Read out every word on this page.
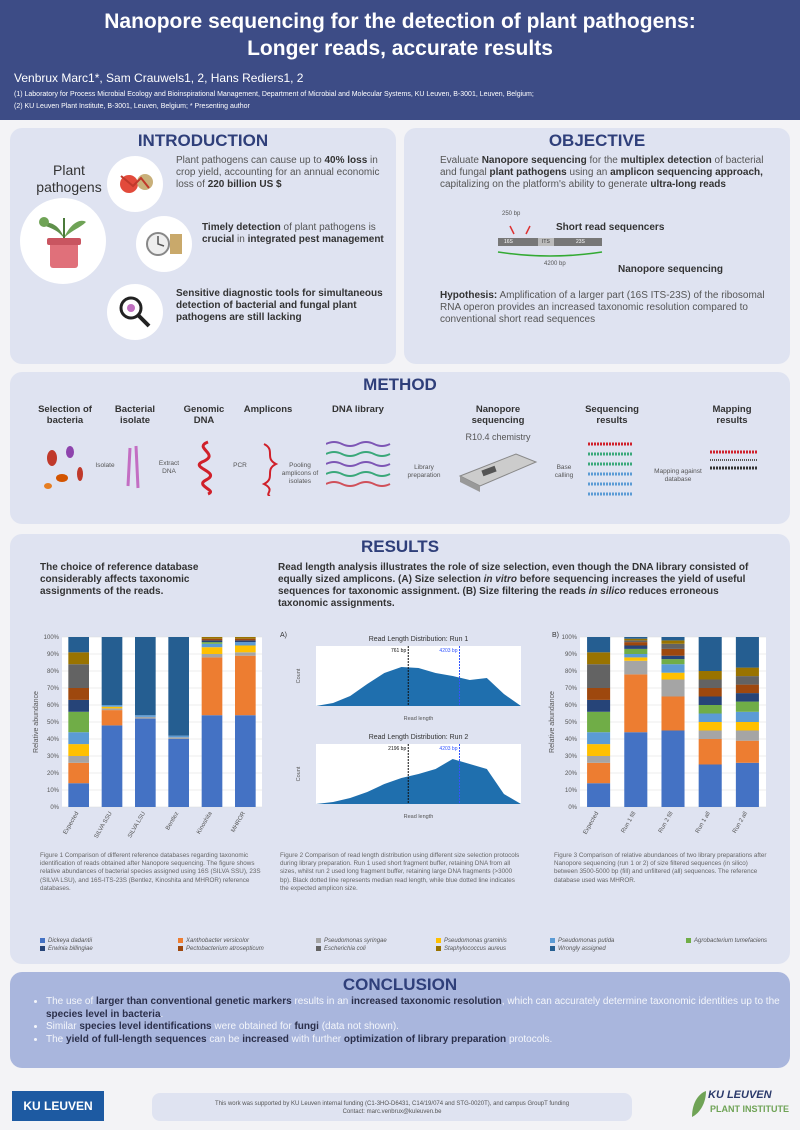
Nanopore sequencing for the detection of plant pathogens:
Longer reads, accurate results
Venbrux Marc1*, Sam Crauwels1, 2, Hans Rediers1, 2
(1) Laboratory for Process Microbial Ecology and Bioinspirational Management, Department of Microbial and Molecular Systems, KU Leuven, B-3001, Leuven, Belgium;
(2) KU Leuven Plant Institute, B-3001, Leuven, Belgium; * Presenting author
INTRODUCTION
Plant pathogens
Plant pathogens can cause up to 40% loss in crop yield, accounting for an annual economic loss of 220 billion US $
Timely detection of plant pathogens is crucial in integrated pest management
Sensitive diagnostic tools for simultaneous detection of bacterial and fungal plant pathogens are still lacking
OBJECTIVE
Evaluate Nanopore sequencing for the multiplex detection of bacterial and fungal plant pathogens using an amplicon sequencing approach, capitalizing on the platform's ability to generate ultra-long reads
250 bp
Short read sequencers
16S	ITS	23S
4200 bp	Nanopore sequencing
Hypothesis: Amplification of a larger part (16S ITS-23S) of the ribosomal RNA operon provides an increased taxonomic resolution compared to conventional short read sequences
METHOD
Selection of bacteria
Bacterial isolate
Genomic DNA
Amplicons	DNA library	Nanopore sequencing
R10.4 chemistry
Sequencing results
Mapping results
Isolate	Extract DNA
PCR	Pooling amplicons of isolates
Library preparation
Base calling
Mapping against database
RESULTS
The choice of reference database considerably affects taxonomic assignments of the reads.
Read length analysis illustrates the role of size selection, even though the DNA library consisted of equally sized amplicons. (A) Size selection in vitro before sequencing increases the yield of useful sequences for taxonomic assignment. (B) Size filtering the reads in silico reduces erroneous taxonomic assignments.
0%
10%
20%
30%
40%
50%
60%
70%
80%
90%
100%
Relative abundance
Expected SILVA SSU SILVA LSU	Bentlez	Kinoshita	MHROR
A)
Read Length Distribution: Run 1
761 bp	4203 bp
Read length
Count
Read Length Distribution: Run 2
2196 bp	4203 bp
Read length
Count
B)
0%
10%
20%
30%
40%
50%
60%
70%
80%
90%
100%
Relative abundance
Expected	Run 1 fill	Run 2 fill	Run 1 all	Run 2 all
Figure 1 Comparison of different reference databases regarding taxonomic identification of reads obtained after Nanopore sequencing. The figure shows relative abundances of bacterial species assigned using 16S (SILVA SSU), 23S (SILVA LSU), and 16S-ITS-23S (Bentlez, Kinoshita and MHROR) reference databases.
Figure 2 Comparison of read length distribution using different size selection protocols during library preparation. Run 1 used short fragment buffer, retaining DNA from all sizes, whilst run 2 used long fragment buffer, retaining large DNA fragments (>3000 bp). Black dotted line represents median read length, while blue dotted line indicates the expected amplicon size.
Figure 3 Comparison of relative abundances of two library preparations after Nanopore sequencing (run 1 or 2) of size filtered sequences (in silico) between 3500-5000 bp (fill) and unfiltered (all) sequences. The reference database used was MHROR.
Dickeya dadantii
Erwinia billingiae
Xanthobacter versicolor
Pectobacterium atrosepticum
Pseudomonas syringae
Escherichia coli
Pseudomonas graminis
Staphylococcus aureus
Pseudomonas putida
Wrongly assigned
Agrobacterium tumefaciens
CONCLUSION
• The use of larger than conventional genetic markers results in an increased taxonomic resolution, which can accurately determine taxonomic identities up to the species level in bacteria.
• Similar species level identifications were obtained for fungi (data not shown).
• The yield of full-length sequences can be increased with further optimization of library preparation protocols.
KU LEUVEN	This work was supported by KU Leuven internal funding (C1-3HO-D6431, C14/19/074 and STG-0020T), and campus GroupT funding
Contact: marc.venbrux@kuleuven.be
KU LEUVEN
PLANT INSTITUTE
